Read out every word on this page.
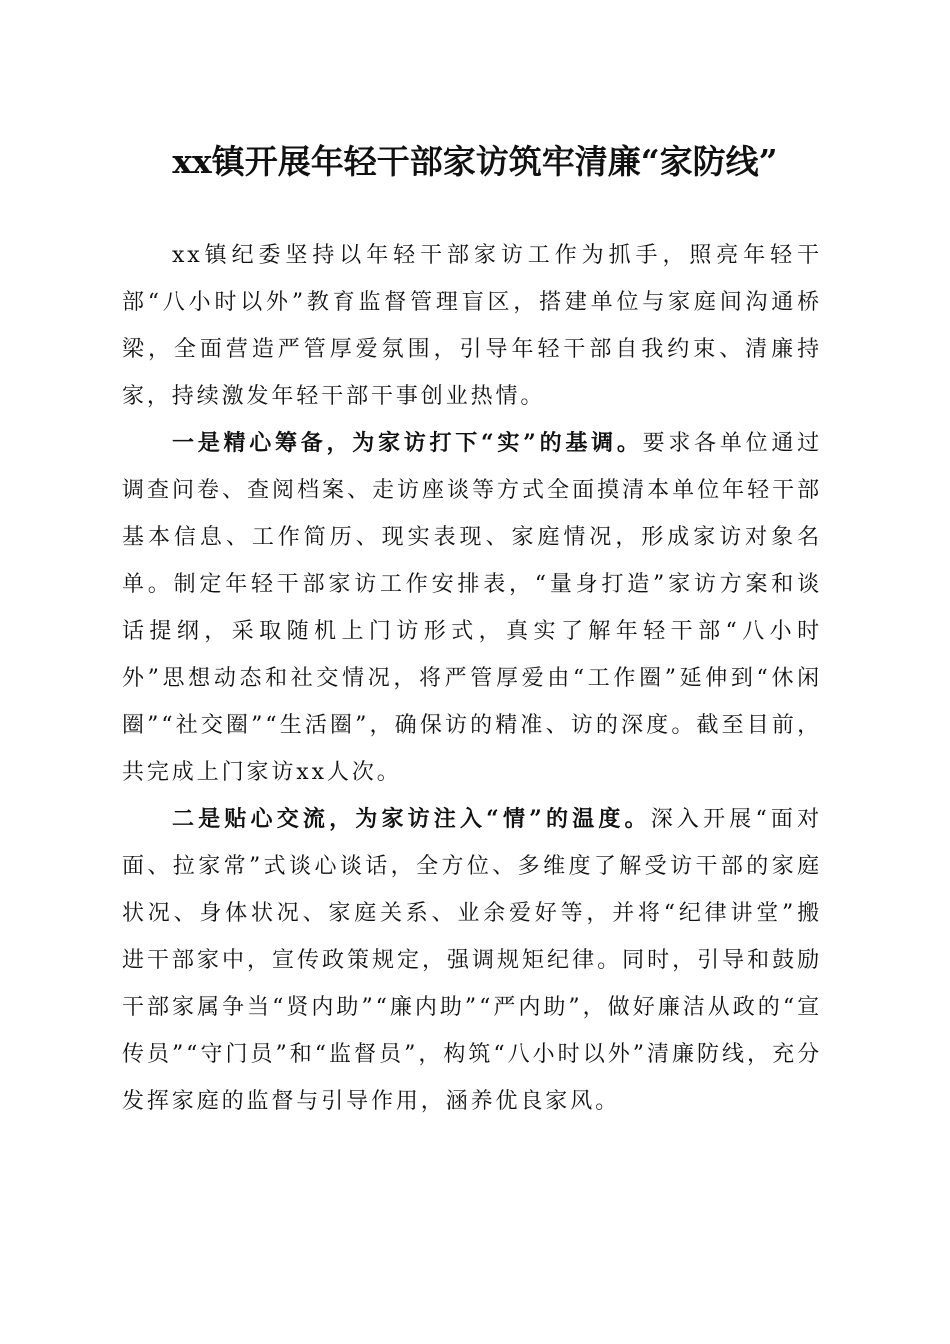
xx镇开展年轻干部家访筑牢清廉“家防线”

xx镇纪委坚持以年轻干部家访工作为抓手，照亮年轻干部“八小时以外”教育监督管理盲区，搭建单位与家庭间沟通桥梁，全面营造严管厚爱氛围，引导年轻干部自我约束、清廉持家，持续激发年轻干部干事创业热情。

一是精心筹备，为家访打下“实”的基调。要求各单位通过调查问卷、查阅档案、走访座谈等方式全面摸清本单位年轻干部基本信息、工作简历、现实表现、家庭情况，形成家访对象名单。制定年轻干部家访工作安排表，“量身打造”家访方案和谈话提纲，采取随机上门访形式，真实了解年轻干部“八小时外”思想动态和社交情况，将严管厚爱由“工作圈”延伸到“休闲圈”“社交圈”“生活圈”，确保访的精准、访的深度。截至目前，共完成上门家访xx人次。

二是贴心交流，为家访注入“情”的温度。深入开展“面对面、拉家常”式谈心谈话，全方位、多维度了解受访干部的家庭状况、身体状况、家庭关系、业余爱好等，并将“纪律讲堂”搬进干部家中，宣传政策规定，强调规矩纪律。同时，引导和鼓励干部家属争当“贤内助”“廉内助”“严内助”，做好廉洁从政的“宣传员”“守门员”和“监督员”，构筑“八小时以外”清廉防线，充分发挥家庭的监督与引导作用，涵养优良家风。
